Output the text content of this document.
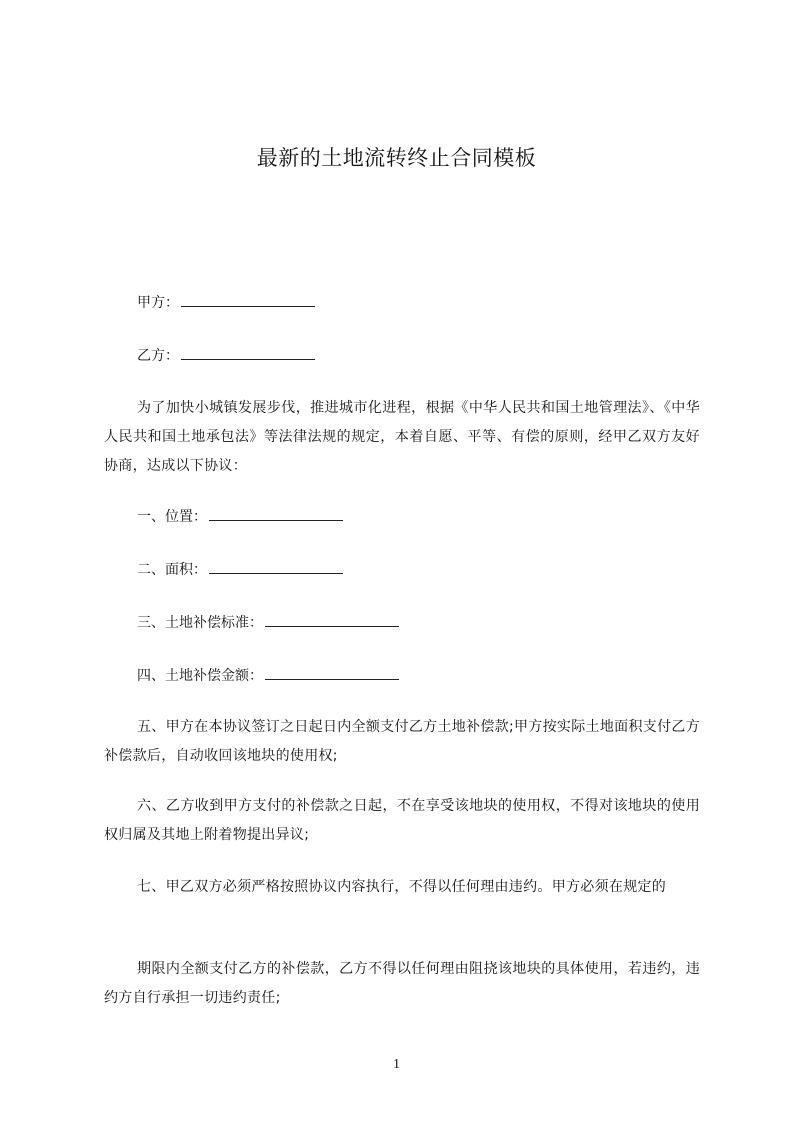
最新的土地流转终止合同模板
甲方：
乙方：
为了加快小城镇发展步伐，推进城市化进程，根据《中华人民共和国土地管理法》、《中华人民共和国土地承包法》等法律法规的规定，本着自愿、平等、有偿的原则，经甲乙双方友好协商，达成以下协议：
一、位置：
二、面积：
三、土地补偿标准：
四、土地补偿金额：
五、甲方在本协议签订之日起日内全额支付乙方土地补偿款;甲方按实际土地面积支付乙方补偿款后，自动收回该地块的使用权;
六、乙方收到甲方支付的补偿款之日起，不在享受该地块的使用权，不得对该地块的使用权归属及其地上附着物提出异议;
七、甲乙双方必须严格按照协议内容执行，不得以任何理由违约。甲方必须在规定的
期限内全额支付乙方的补偿款，乙方不得以任何理由阻挠该地块的具体使用，若违约，违约方自行承担一切违约责任;
1
